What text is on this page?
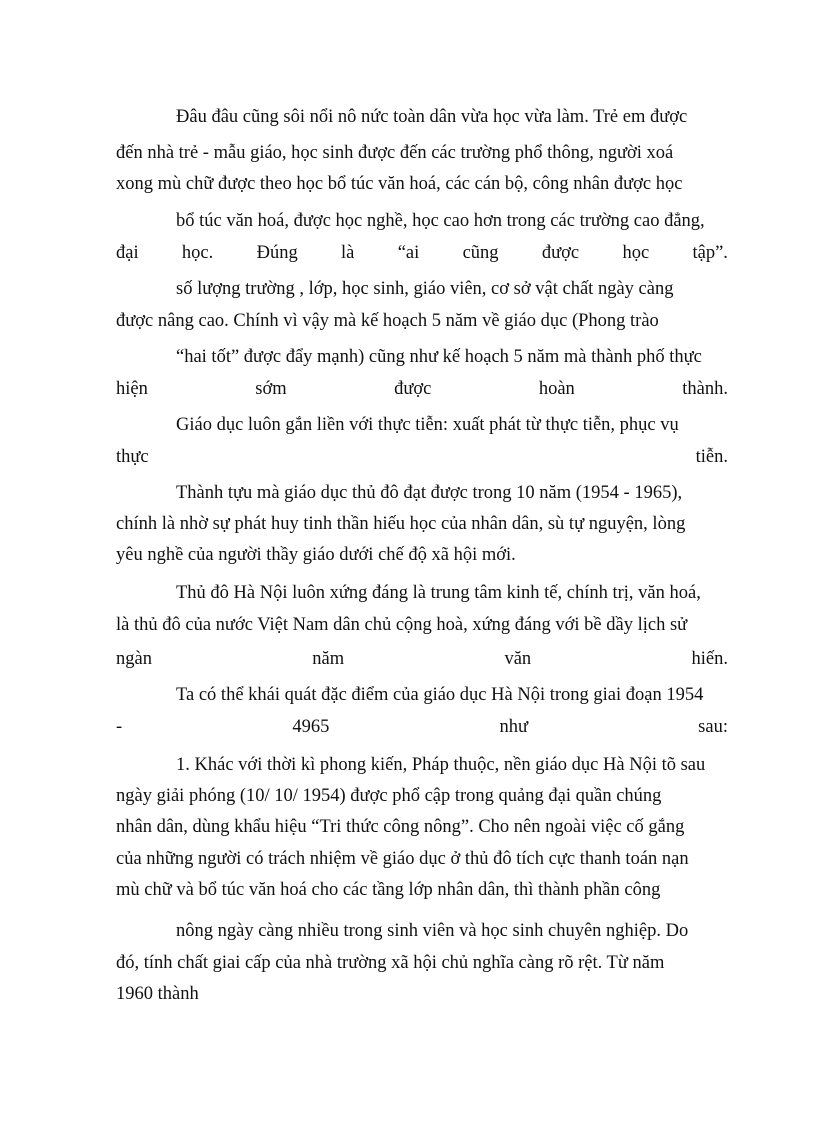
Đâu đâu cũng sôi nổi nô nức toàn dân vừa học vừa làm. Trẻ em được
đến nhà trẻ - mẫu giáo, học sinh được đến các trường phổ thông, người xoá
xong mù chữ được theo học bổ túc văn hoá, các cán bộ, công nhân được học
bổ túc văn hoá, được học nghề, học cao hơn trong các trường cao đẳng,
đại học. Đúng là “ai cũng được học tập”.
số lượng trường , lớp, học sinh, giáo viên, cơ sở vật chất ngày càng
được nâng cao. Chính vì vậy mà kế hoạch 5 năm về giáo dục (Phong trào
“hai tốt” được đẩy mạnh) cũng như kế hoạch 5 năm mà thành phố thực
hiện	sớm	được	hoàn	thành.
Giáo dục luôn gắn liền với thực tiễn: xuất phát từ thực tiễn, phục vụ
thực	tiễn.
Thành tựu mà giáo dục thủ đô đạt được trong 10 năm (1954 - 1965),
chính là nhờ sự phát huy tinh thần hiếu học của nhân dân, sù tự nguyện, lòng
yêu nghề của người thầy giáo dưới chế độ xã hội mới.
Thủ đô Hà Nội luôn xứng đáng là trung tâm kinh tế, chính trị, văn hoá,
là thủ đô của nước Việt Nam dân chủ cộng hoà, xứng đáng với bề dầy lịch sử
ngàn	năm	văn	hiến.
Ta có thể khái quát đặc điểm của giáo dục Hà Nội trong giai đoạn 1954
-	4965	như	sau:
1. Khác với thời kì phong kiến, Pháp thuộc, nền giáo dục Hà Nội tõ sau
ngày giải phóng (10/ 10/ 1954) được phổ cập trong quảng đại quần chúng
nhân dân, dùng khẩu hiệu “Tri thức công nông”. Cho nên ngoài việc cố gắng
của những người có trách nhiệm về giáo dục ở thủ đô tích cực thanh toán nạn
mù chữ và bổ túc văn hoá cho các tầng lớp nhân dân, thì thành phần công
nông ngày càng nhiều trong sinh viên và học sinh chuyên nghiệp. Do
đó, tính chất giai cấp của nhà trường xã hội chủ nghĩa càng rõ rệt. Từ năm
1960 thành
